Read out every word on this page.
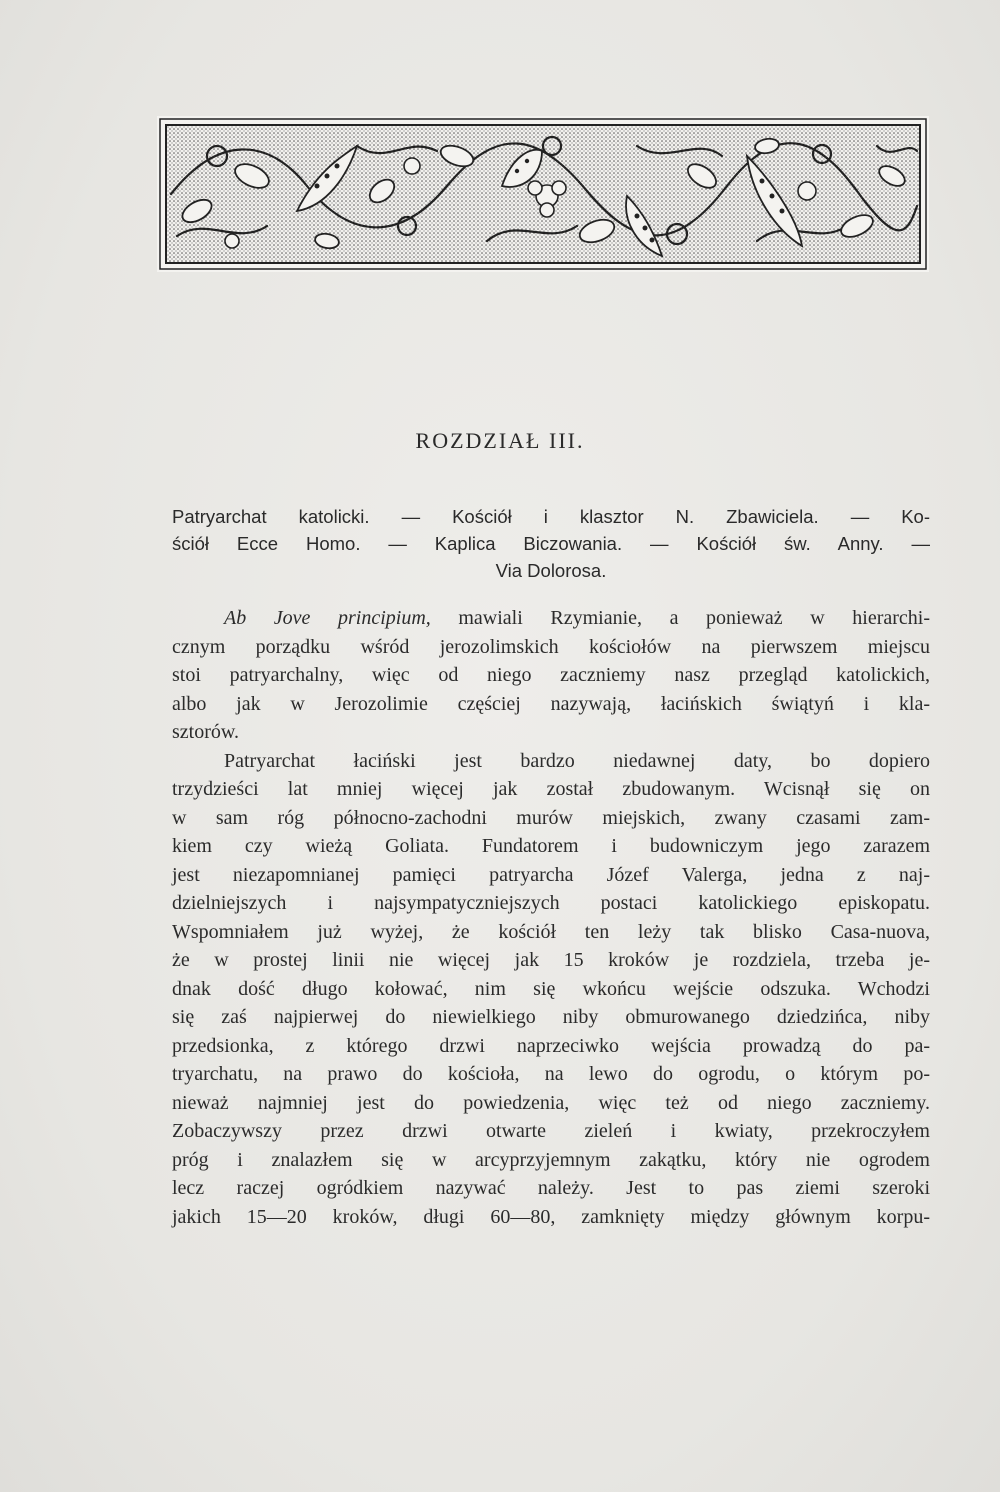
ROZDZIAŁ III.
Patryarchat katolicki. — Kościół i klasztor N. Zbawiciela. — Ko-
ściół Ecce Homo. — Kaplica Biczowania. — Kościół św. Anny. —
Via Dolorosa.
Ab Jove principium, mawiali Rzymianie, a ponieważ w hierarchi-
cznym porządku wśród jerozolimskich kościołów na pierwszem miejscu
stoi patryarchalny, więc od niego zaczniemy nasz przegląd katolickich,
albo jak w Jerozolimie częściej nazywają, łacińskich świątyń i kla-
sztorów.
Patryarchat łaciński jest bardzo niedawnej daty, bo dopiero
trzydzieści lat mniej więcej jak został zbudowanym. Wcisnął się on
w sam róg północno-zachodni murów miejskich, zwany czasami zam-
kiem czy wieżą Goliata. Fundatorem i budowniczym jego zarazem
jest niezapomnianej pamięci patryarcha Józef Valerga, jedna z naj-
dzielniejszych i najsympatyczniejszych postaci katolickiego episkopatu.
Wspomniałem już wyżej, że kościół ten leży tak blisko Casa-nuova,
że w prostej linii nie więcej jak 15 kroków je rozdziela, trzeba je-
dnak dość długo kołować, nim się wkońcu wejście odszuka. Wchodzi
się zaś najpierwej do niewielkiego niby obmurowanego dziedzińca, niby
przedsionka, z którego drzwi naprzeciwko wejścia prowadzą do pa-
tryarchatu, na prawo do kościoła, na lewo do ogrodu, o którym po-
nieważ najmniej jest do powiedzenia, więc też od niego zaczniemy.
Zobaczywszy przez drzwi otwarte zieleń i kwiaty, przekroczyłem
próg i znalazłem się w arcyprzyjemnym zakątku, który nie ogrodem
lecz raczej ogródkiem nazywać należy. Jest to pas ziemi szeroki
jakich 15—20 kroków, długi 60—80, zamknięty między głównym korpu-
